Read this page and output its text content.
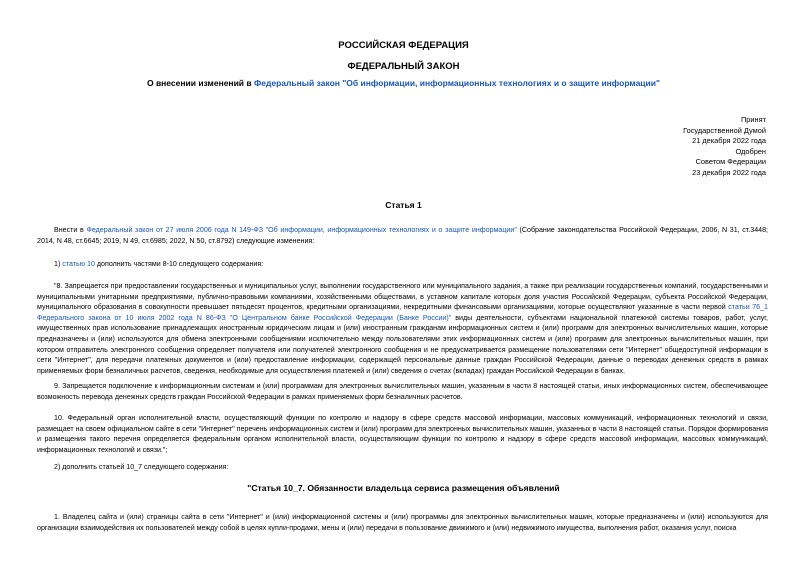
РОССИЙСКАЯ ФЕДЕРАЦИЯ
ФЕДЕРАЛЬНЫЙ ЗАКОН
О внесении изменений в Федеральный закон "Об информации, информационных технологиях и о защите информации"
Принят
Государственной Думой
21 декабря 2022 года
Одобрен
Советом Федерации
23 декабря 2022 года
Статья 1
Внести в Федеральный закон от 27 июля 2006 года N 149-ФЗ "Об информации, информационных технологиях и о защите информации" (Собрание законодательства Российской Федерации, 2006, N 31, ст.3448; 2014, N 48, ст.6645; 2019, N 49, ст.6985; 2022, N 50, ст.8792) следующие изменения:
1) статью 10 дополнить частями 8-10 следующего содержания:
"8. Запрещается при предоставлении государственных и муниципальных услуг, выполнении государственного или муниципального задания, а также при реализации государственных компаний, государственными и муниципальными унитарными предприятиями, публично-правовыми компаниями, хозяйственными обществами, в уставном капитале которых доля участия Российской Федерации, субъекта Российской Федерации, муниципального образования в совокупности превышает пятьдесят процентов, кредитными организациями, некредитными финансовыми организациями, которые осуществляют указанные в части первой статьи 76_1 Федерального закона от 10 июля 2002 года N 86-ФЗ "О Центральном банке Российской Федерации (Банке России)" виды деятельности, субъектами национальной платежной системы товаров, работ, услуг, имущественных прав использование принадлежащих иностранным юридическим лицам и (или) иностранным гражданам информационных систем и (или) программ для электронных вычислительных машин, которые предназначены и (или) используются для обмена электронными сообщениями исключительно между пользователями этих информационных систем и (или) программ для электронных вычислительных машин, при котором отправитель электронного сообщения определяет получателя или получателей электронного сообщения и не предусматривается размещение пользователями сети "Интернет" общедоступной информации в сети "Интернет", для передачи платежных документов и (или) предоставление информации, содержащей персональные данные граждан Российской Федерации, данные о переводах денежных средств в рамках применяемых форм безналичных расчетов, сведения, необходимые для осуществления платежей и (или) сведения о счетах (вкладах) граждан Российской Федерации в банках.
9. Запрещается подключение к информационным системам и (или) программам для электронных вычислительных машин, указанным в части 8 настоящей статьи, иных информационных систем, обеспечивающее возможность перевода денежных средств граждан Российской Федерации в рамках применяемых форм безналичных расчетов.
10. Федеральный орган исполнительной власти, осуществляющий функции по контролю и надзору в сфере средств массовой информации, массовых коммуникаций, информационных технологий и связи, размещает на своем официальном сайте в сети "Интернет" перечень информационных систем и (или) программ для электронных вычислительных машин, указанных в части 8 настоящей статьи. Порядок формирования и размещения такого перечня определяется федеральным органом исполнительной власти, осуществляющим функции по контролю и надзору в сфере средств массовой информации, массовых коммуникаций, информационных технологий и связи.";
2) дополнить статьей 10_7 следующего содержания:
"Статья 10_7. Обязанности владельца сервиса размещения объявлений
1. Владелец сайта и (или) страницы сайта в сети "Интернет" и (или) информационной системы и (или) программы для электронных вычислительных машин, которые предназначены и (или) используются для организации взаимодействия их пользователей между собой в целях купли-продажи, мены и (или) передачи в пользование движимого и (или) недвижимого имущества, выполнения работ, оказания услуг, поиска
